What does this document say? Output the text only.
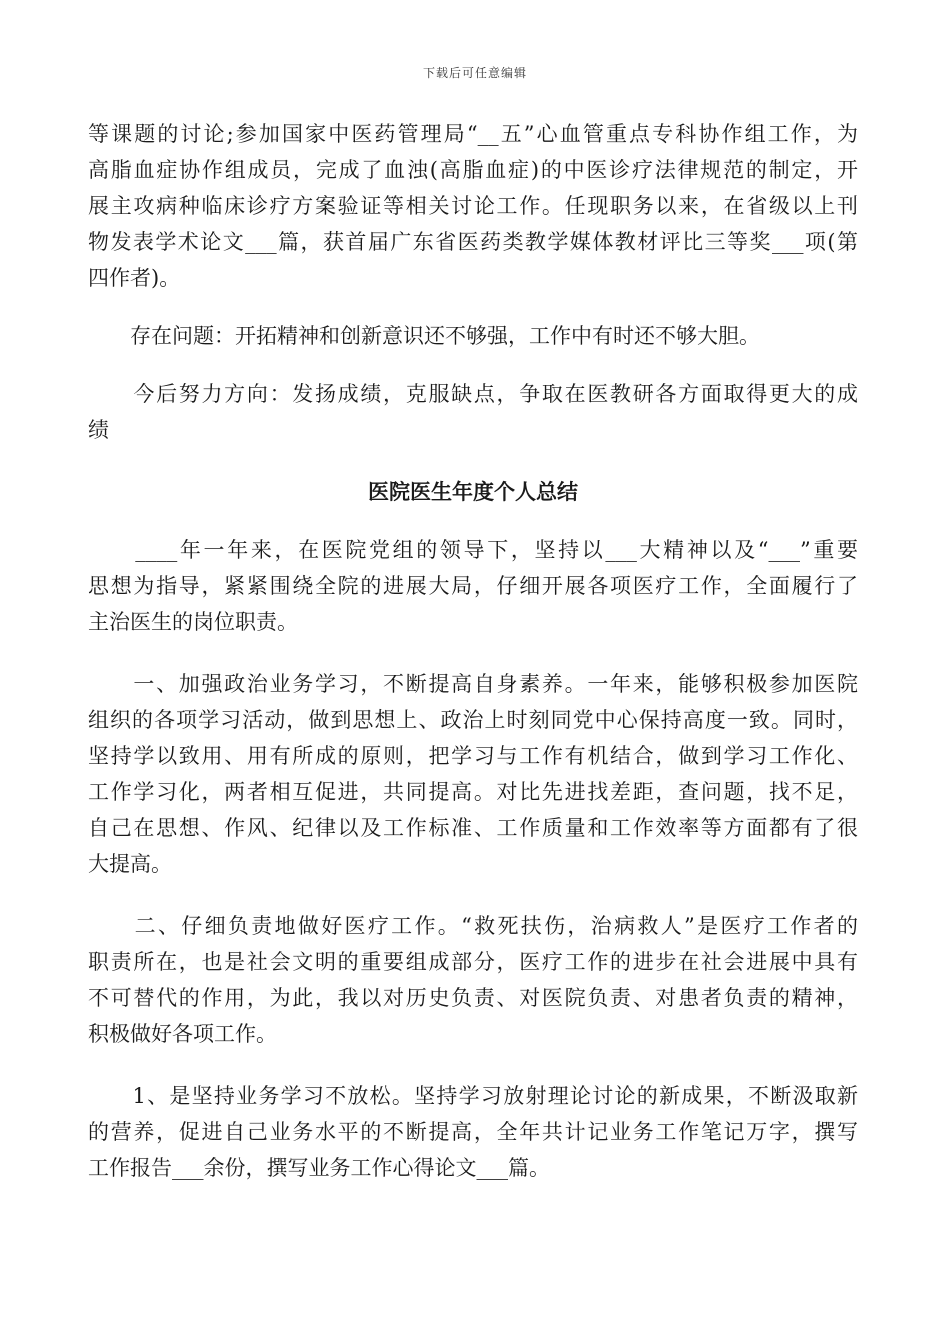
下载后可任意编辑

等课题的讨论;参加国家中医药管理局“__五”心血管重点专科协作组工作，为
高脂血症协作组成员，完成了血浊(高脂血症)的中医诊疗法律规范的制定，开
展主攻病种临床诊疗方案验证等相关讨论工作。任现职务以来，在省级以上刊
物发表学术论文___篇，获首届广东省医药类教学媒体教材评比三等奖___项(第
四作者)。

　　存在问题：开拓精神和创新意识还不够强，工作中有时还不够大胆。

　　今后努力方向：发扬成绩，克服缺点，争取在医教研各方面取得更大的成
绩

医院医生年度个人总结

　　____年一年来，在医院党组的领导下，坚持以___大精神以及“___”重要
思想为指导，紧紧围绕全院的进展大局，仔细开展各项医疗工作，全面履行了
主治医生的岗位职责。

　　一、加强政治业务学习，不断提高自身素养。一年来，能够积极参加医院
组织的各项学习活动，做到思想上、政治上时刻同党中心保持高度一致。同时，
坚持学以致用、用有所成的原则，把学习与工作有机结合，做到学习工作化、
工作学习化，两者相互促进，共同提高。对比先进找差距，查问题，找不足，
自己在思想、作风、纪律以及工作标准、工作质量和工作效率等方面都有了很
大提高。

　　二、仔细负责地做好医疗工作。“救死扶伤，治病救人”是医疗工作者的
职责所在，也是社会文明的重要组成部分，医疗工作的进步在社会进展中具有
不可替代的作用，为此，我以对历史负责、对医院负责、对患者负责的精神，
积极做好各项工作。

　　1、是坚持业务学习不放松。坚持学习放射理论讨论的新成果，不断汲取新
的营养，促进自己业务水平的不断提高，全年共计记业务工作笔记万字，撰写
工作报告___余份，撰写业务工作心得论文___篇。
